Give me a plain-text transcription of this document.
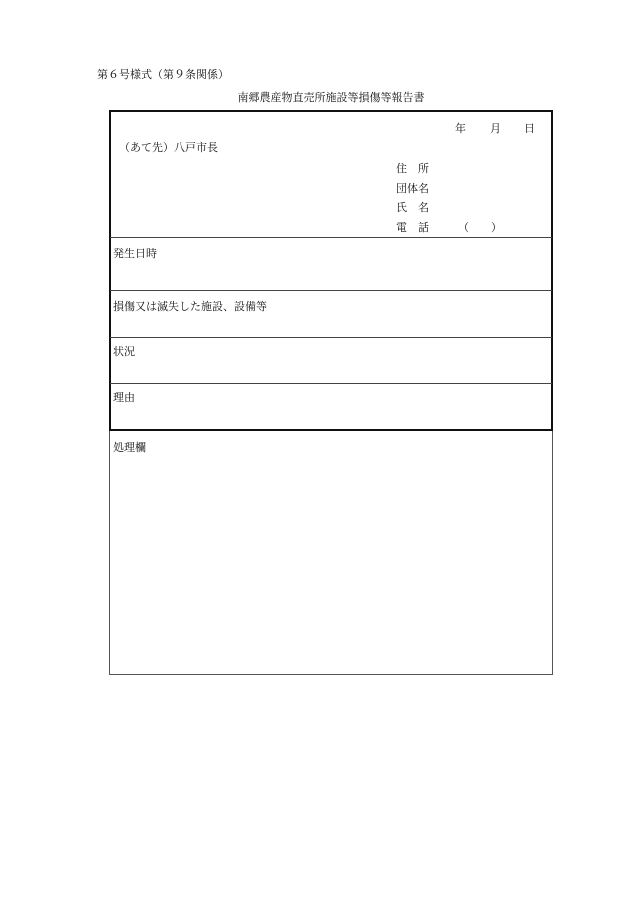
第６号様式（第９条関係）
南郷農産物直売所施設等損傷等報告書
年 月 日
（あて先）八戸市長
住　所
団体名
氏　名
電　話	（　　）
発生日時
損傷又は滅失した施設、設備等
状況
理由
処理欄
